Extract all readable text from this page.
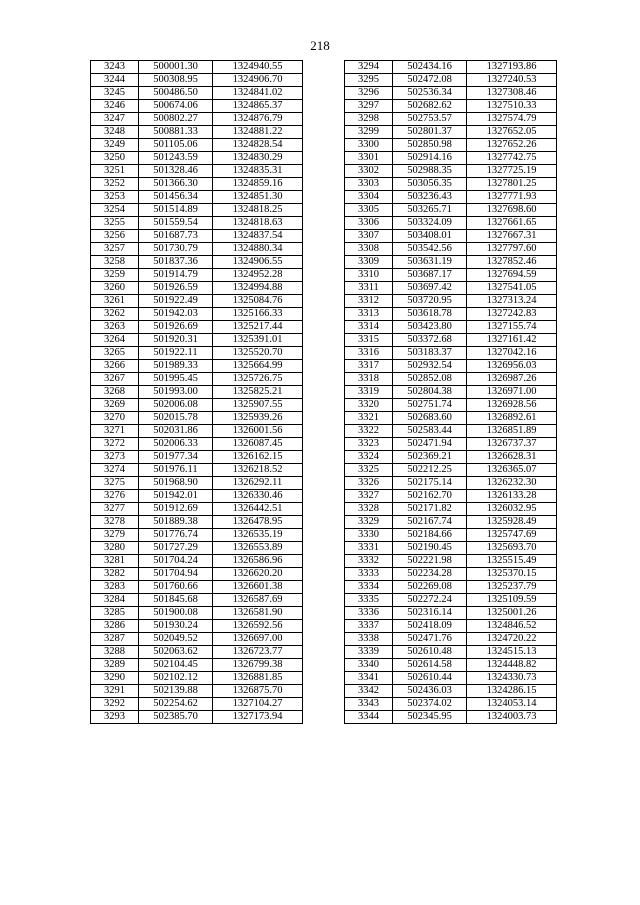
218
3243	500001.30	1324940.55
3244	500308.95	1324906.70
3245	500486.50	1324841.02
3246	500674.06	1324865.37
3247	500802.27	1324876.79
3248	500881.33	1324881.22
3249	501105.06	1324828.54
3250	501243.59	1324830.29
3251	501328.46	1324835.31
3252	501366.30	1324859.16
3253	501456.34	1324851.30
3254	501514.89	1324818.25
3255	501559.54	1324818.63
3256	501687.73	1324837.54
3257	501730.79	1324880.34
3258	501837.36	1324906.55
3259	501914.79	1324952.28
3260	501926.59	1324994.88
3261	501922.49	1325084.76
3262	501942.03	1325166.33
3263	501926.69	1325217.44
3264	501920.31	1325391.01
3265	501922.11	1325520.70
3266	501989.33	1325664.99
3267	501995.45	1325726.75
3268	501993.00	1325825.21
3269	502006.08	1325907.55
3270	502015.78	1325939.26
3271	502031.86	1326001.56
3272	502006.33	1326087.45
3273	501977.34	1326162.15
3274	501976.11	1326218.52
3275	501968.90	1326292.11
3276	501942.01	1326330.46
3277	501912.69	1326442.51
3278	501889.38	1326478.95
3279	501776.74	1326535.19
3280	501727.29	1326553.89
3281	501704.24	1326586.96
3282	501704.94	1326620.20
3283	501760.66	1326601.38
3284	501845.68	1326587.69
3285	501900.08	1326581.90
3286	501930.24	1326592.56
3287	502049.52	1326697.00
3288	502063.62	1326723.77
3289	502104.45	1326799.38
3290	502102.12	1326881.85
3291	502139.88	1326875.70
3292	502254.62	1327104.27
3293	502385.70	1327173.94
3294	502434.16	1327193.86
3295	502472.08	1327240.53
3296	502536.34	1327308.46
3297	502682.62	1327510.33
3298	502753.57	1327574.79
3299	502801.37	1327652.05
3300	502850.98	1327652.26
3301	502914.16	1327742.75
3302	502988.35	1327725.19
3303	503056.35	1327801.25
3304	503236.43	1327771.93
3305	503265.71	1327698.60
3306	503324.09	1327661.65
3307	503408.01	1327667.31
3308	503542.56	1327797.60
3309	503631.19	1327852.46
3310	503687.17	1327694.59
3311	503697.42	1327541.05
3312	503720.95	1327313.24
3313	503618.78	1327242.83
3314	503423.80	1327155.74
3315	503372.68	1327161.42
3316	503183.37	1327042.16
3317	502932.54	1326956.03
3318	502852.08	1326987.26
3319	502804.38	1326971.00
3320	502751.74	1326928.56
3321	502683.60	1326892.61
3322	502583.44	1326851.89
3323	502471.94	1326737.37
3324	502369.21	1326628.31
3325	502212.25	1326365.07
3326	502175.14	1326232.30
3327	502162.70	1326133.28
3328	502171.82	1326032.95
3329	502167.74	1325928.49
3330	502184.66	1325747.69
3331	502190.45	1325693.70
3332	502221.98	1325515.49
3333	502234.28	1325370.15
3334	502269.08	1325237.79
3335	502272.24	1325109.59
3336	502316.14	1325001.26
3337	502418.09	1324846.52
3338	502471.76	1324720.22
3339	502610.48	1324515.13
3340	502614.58	1324448.82
3341	502610.44	1324330.73
3342	502436.03	1324286.15
3343	502374.02	1324053.14
3344	502345.95	1324003.73
